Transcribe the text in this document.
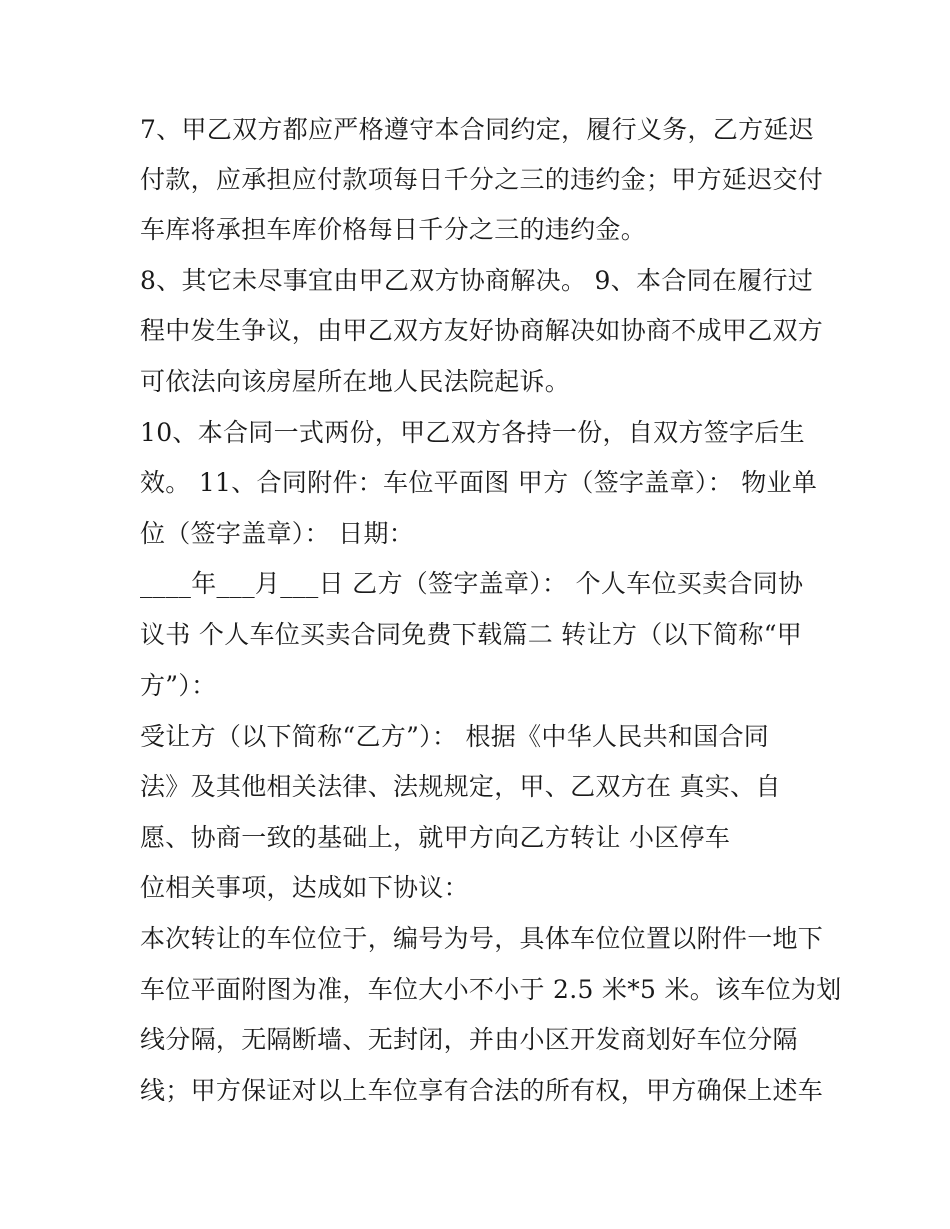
7、甲乙双方都应严格遵守本合同约定，履行义务，乙方延迟
付款，应承担应付款项每日千分之三的违约金；甲方延迟交付
车库将承担车库价格每日千分之三的违约金。
8、其它未尽事宜由甲乙双方协商解决。 9、本合同在履行过
程中发生争议，由甲乙双方友好协商解决如协商不成甲乙双方
可依法向该房屋所在地人民法院起诉。
10、本合同一式两份，甲乙双方各持一份，自双方签字后生
效。 11、合同附件：车位平面图 甲方（签字盖章）： 物业单
位（签字盖章）： 日期：
____年___月___日 乙方（签字盖章）： 个人车位买卖合同协
议书 个人车位买卖合同免费下载篇二 转让方（以下简称“甲
方”）：
受让方（以下简称“乙方”）： 根据《中华人民共和国合同
法》及其他相关法律、法规规定，甲、乙双方在 真实、自
愿、协商一致的基础上，就甲方向乙方转让 小区停车
位相关事项，达成如下协议：
本次转让的车位位于，编号为号，具体车位位置以附件一地下
车位平面附图为准，车位大小不小于 2.5 米*5 米。该车位为划
线分隔，无隔断墙、无封闭，并由小区开发商划好车位分隔
线；甲方保证对以上车位享有合法的所有权，甲方确保上述车
